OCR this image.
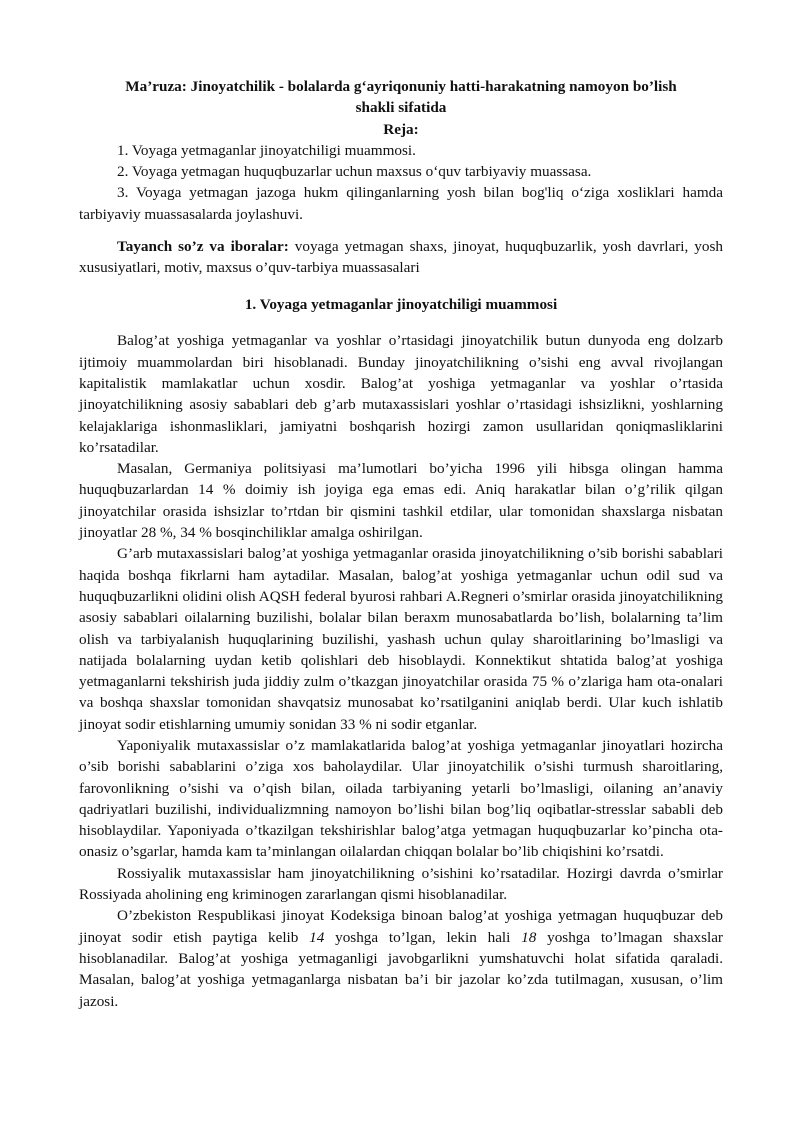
Ma’ruza: Jinoyatchilik - bolalarda g‘ayriqonuniy hatti-harakatning namoyon bo’lish
shakli sifatida

Reja:

1. Voyaga yetmaganlar jinoyatchiligi muammosi.
2. Voyaga yetmagan huquqbuzarlar uchun maxsus o‘quv tarbiyaviy muassasa.
3. Voyaga yetmagan jazoga hukm qilinganlarning yosh bilan bog'liq o‘ziga xosliklari hamda tarbiyaviy muassasalarda joylashuvi.

Tayanch so’z va iboralar: voyaga yetmagan shaxs, jinoyat, huquqbuzarlik, yosh davrlari, yosh xususiyatlari, motiv, maxsus o’quv-tarbiya muassasalari

1. Voyaga yetmaganlar jinoyatchiligi muammosi

Balog’at yoshiga yetmaganlar va yoshlar o’rtasidagi jinoyatchilik butun dunyoda eng dolzarb ijtimoiy muammolardan biri hisoblanadi. Bunday jinoyatchilikning o’sishi eng avval rivojlangan kapitalistik mamlakatlar uchun xosdir. Balog’at yoshiga yetmaganlar va yoshlar o’rtasida jinoyatchilikning asosiy sabablari deb g’arb mutaxassislari yoshlar o’rtasidagi ishsizlikni, yoshlarning kelajaklariga ishonmasliklari, jamiyatni boshqarish hozirgi zamon usullaridan qoniqmasliklarini ko’rsatadilar.

Masalan, Germaniya politsiyasi ma’lumotlari bo’yicha 1996 yili hibsga olingan hamma huquqbuzarlardan 14 % doimiy ish joyiga ega emas edi. Aniq harakatlar bilan o’g’rilik qilgan jinoyatchilar orasida ishsizlar to’rtdan bir qismini tashkil etdilar, ular tomonidan shaxslarga nisbatan jinoyatlar 28 %, 34 % bosqinchiliklar amalga oshirilgan.

G’arb mutaxassislari balog’at yoshiga yetmaganlar orasida jinoyatchilikning o’sib borishi sabablari haqida boshqa fikrlarni ham aytadilar. Masalan, balog’at yoshiga yetmaganlar uchun odil sud va huquqbuzarlikni olidini olish AQSH federal byurosi rahbari A.Regneri o’smirlar orasida jinoyatchilikning asosiy sabablari oilalarning buzilishi, bolalar bilan beraxm munosabatlarda bo’lish, bolalarning ta’lim olish va tarbiyalanish huquqlarining buzilishi, yashash uchun qulay sharoitlarining bo’lmasligi va natijada bolalarning uydan ketib qolishlari deb hisoblaydi. Konnektikut shtatida balog’at yoshiga yetmaganlarni tekshirish juda jiddiy zulm o’tkazgan jinoyatchilar orasida 75 % o’zlariga ham ota-onalari va boshqa shaxslar tomonidan shavqatsiz munosabat ko’rsatilganini aniqlab berdi. Ular kuch ishlatib jinoyat sodir etishlarning umumiy sonidan 33 % ni sodir etganlar.

Yaponiyalik mutaxassislar o’z mamlakatlarida balog’at yoshiga yetmaganlar jinoyatlari hozircha o’sib borishi sabablarini o’ziga xos baholaydilar. Ular jinoyatchilik o’sishi turmush sharoitlaring, farovonlikning o’sishi va o’qish bilan, oilada tarbiyaning yetarli bo’lmasligi, oilaning an’anaviy qadriyatlari buzilishi, individualizmning namoyon bo’lishi bilan bog’liq oqibatlar-stresslar sababli deb hisoblaydilar. Yaponiyada o’tkazilgan tekshirishlar balog’atga yetmagan huquqbuzarlar ko’pincha ota-onasiz o’sgarlar, hamda kam ta’minlangan oilalardan chiqqan bolalar bo’lib chiqishini ko’rsatdi.

Rossiyalik mutaxassislar ham jinoyatchilikning o’sishini ko’rsatadilar. Hozirgi davrda o’smirlar Rossiyada aholining eng kriminogen zararlangan qismi hisoblanadilar.

O’zbekiston Respublikasi jinoyat Kodeksiga binoan balog’at yoshiga yetmagan huquqbuzar deb jinoyat sodir etish paytiga kelib 14 yoshga to’lgan, lekin hali 18 yoshga to’lmagan shaxslar hisoblanadilar. Balog’at yoshiga yetmaganligi javobgarlikni yumshatuvchi holat sifatida qaraladi. Masalan, balog’at yoshiga yetmaganlarga nisbatan ba’i bir jazolar ko’zda tutilmagan, xususan, o’lim jazosi.
